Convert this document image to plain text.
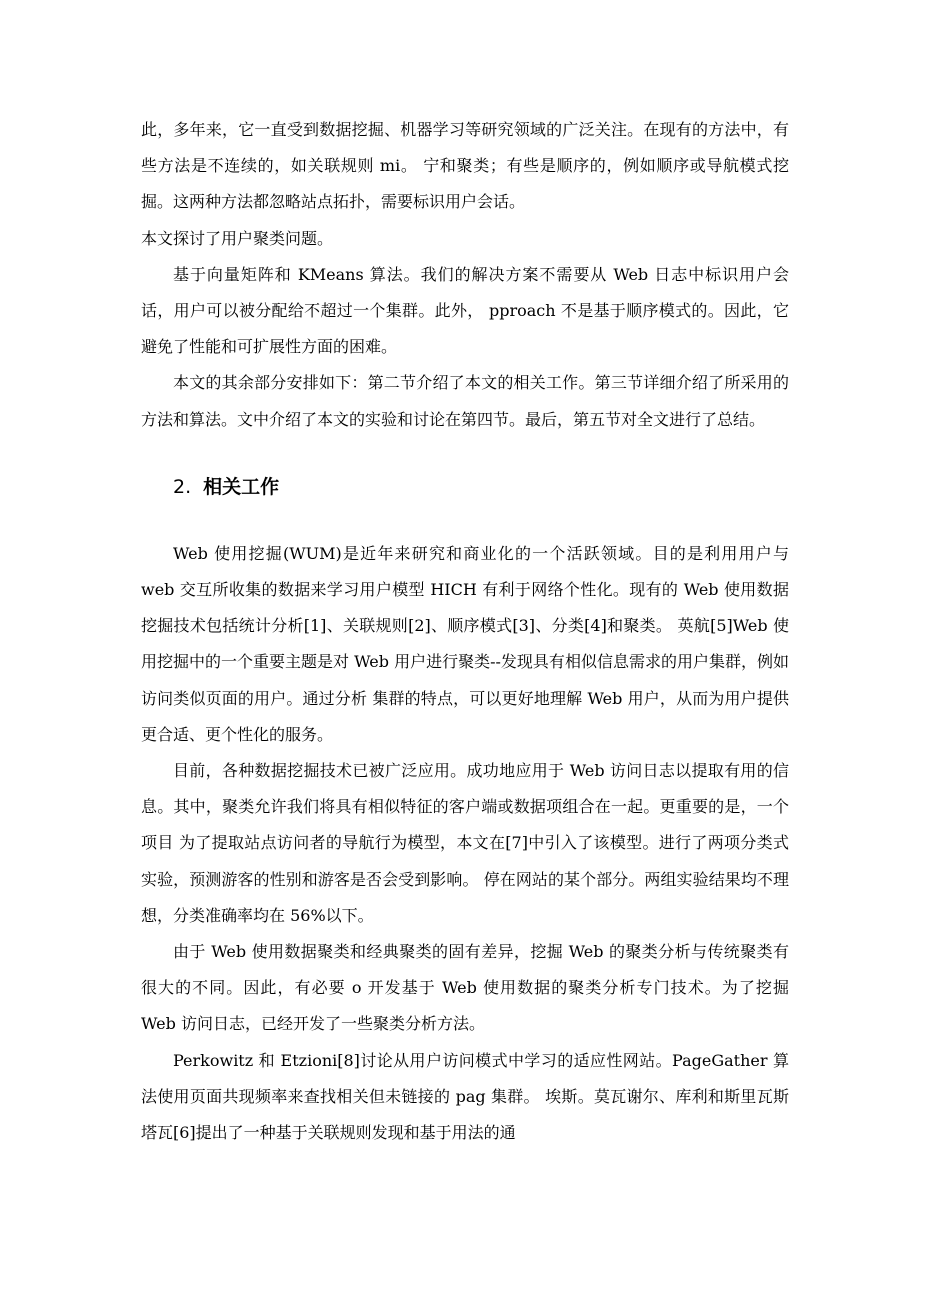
此，多年来，它一直受到数据挖掘、机器学习等研究领域的广泛关注。在现有的方法中，有些方法是不连续的，如关联规则 mi。 宁和聚类；有些是顺序的，例如顺序或导航模式挖掘。这两种方法都忽略站点拓扑，需要标识用户会话。

本文探讨了用户聚类问题。

基于向量矩阵和 KMeans 算法。我们的解决方案不需要从 Web 日志中标识用户会话，用户可以被分配给不超过一个集群。此外， pproach 不是基于顺序模式的。因此，它避免了性能和可扩展性方面的困难。

本文的其余部分安排如下：第二节介绍了本文的相关工作。第三节详细介绍了所采用的方法和算法。文中介绍了本文的实验和讨论在第四节。最后，第五节对全文进行了总结。

2. 相关工作

Web 使用挖掘(WUM)是近年来研究和商业化的一个活跃领域。目的是利用用户与 web 交互所收集的数据来学习用户模型 HICH 有利于网络个性化。现有的 Web 使用数据挖掘技术包括统计分析[1]、关联规则[2]、顺序模式[3]、分类[4]和聚类。 英航[5]Web 使用挖掘中的一个重要主题是对 Web 用户进行聚类--发现具有相似信息需求的用户集群，例如访问类似页面的用户。通过分析 集群的特点，可以更好地理解 Web 用户，从而为用户提供更合适、更个性化的服务。

目前，各种数据挖掘技术已被广泛应用。成功地应用于 Web 访问日志以提取有用的信息。其中，聚类允许我们将具有相似特征的客户端或数据项组合在一起。更重要的是，一个项目 为了提取站点访问者的导航行为模型，本文在[7]中引入了该模型。进行了两项分类式实验，预测游客的性别和游客是否会受到影响。 停在网站的某个部分。两组实验结果均不理想，分类准确率均在 56%以下。

由于 Web 使用数据聚类和经典聚类的固有差异，挖掘 Web 的聚类分析与传统聚类有很大的不同。因此，有必要 o 开发基于 Web 使用数据的聚类分析专门技术。为了挖掘 Web 访问日志，已经开发了一些聚类分析方法。

Perkowitz 和 Etzioni[8]讨论从用户访问模式中学习的适应性网站。PageGather 算法使用页面共现频率来查找相关但未链接的 pag 集群。 埃斯。莫瓦谢尔、库利和斯里瓦斯塔瓦[6]提出了一种基于关联规则发现和基于用法的通
